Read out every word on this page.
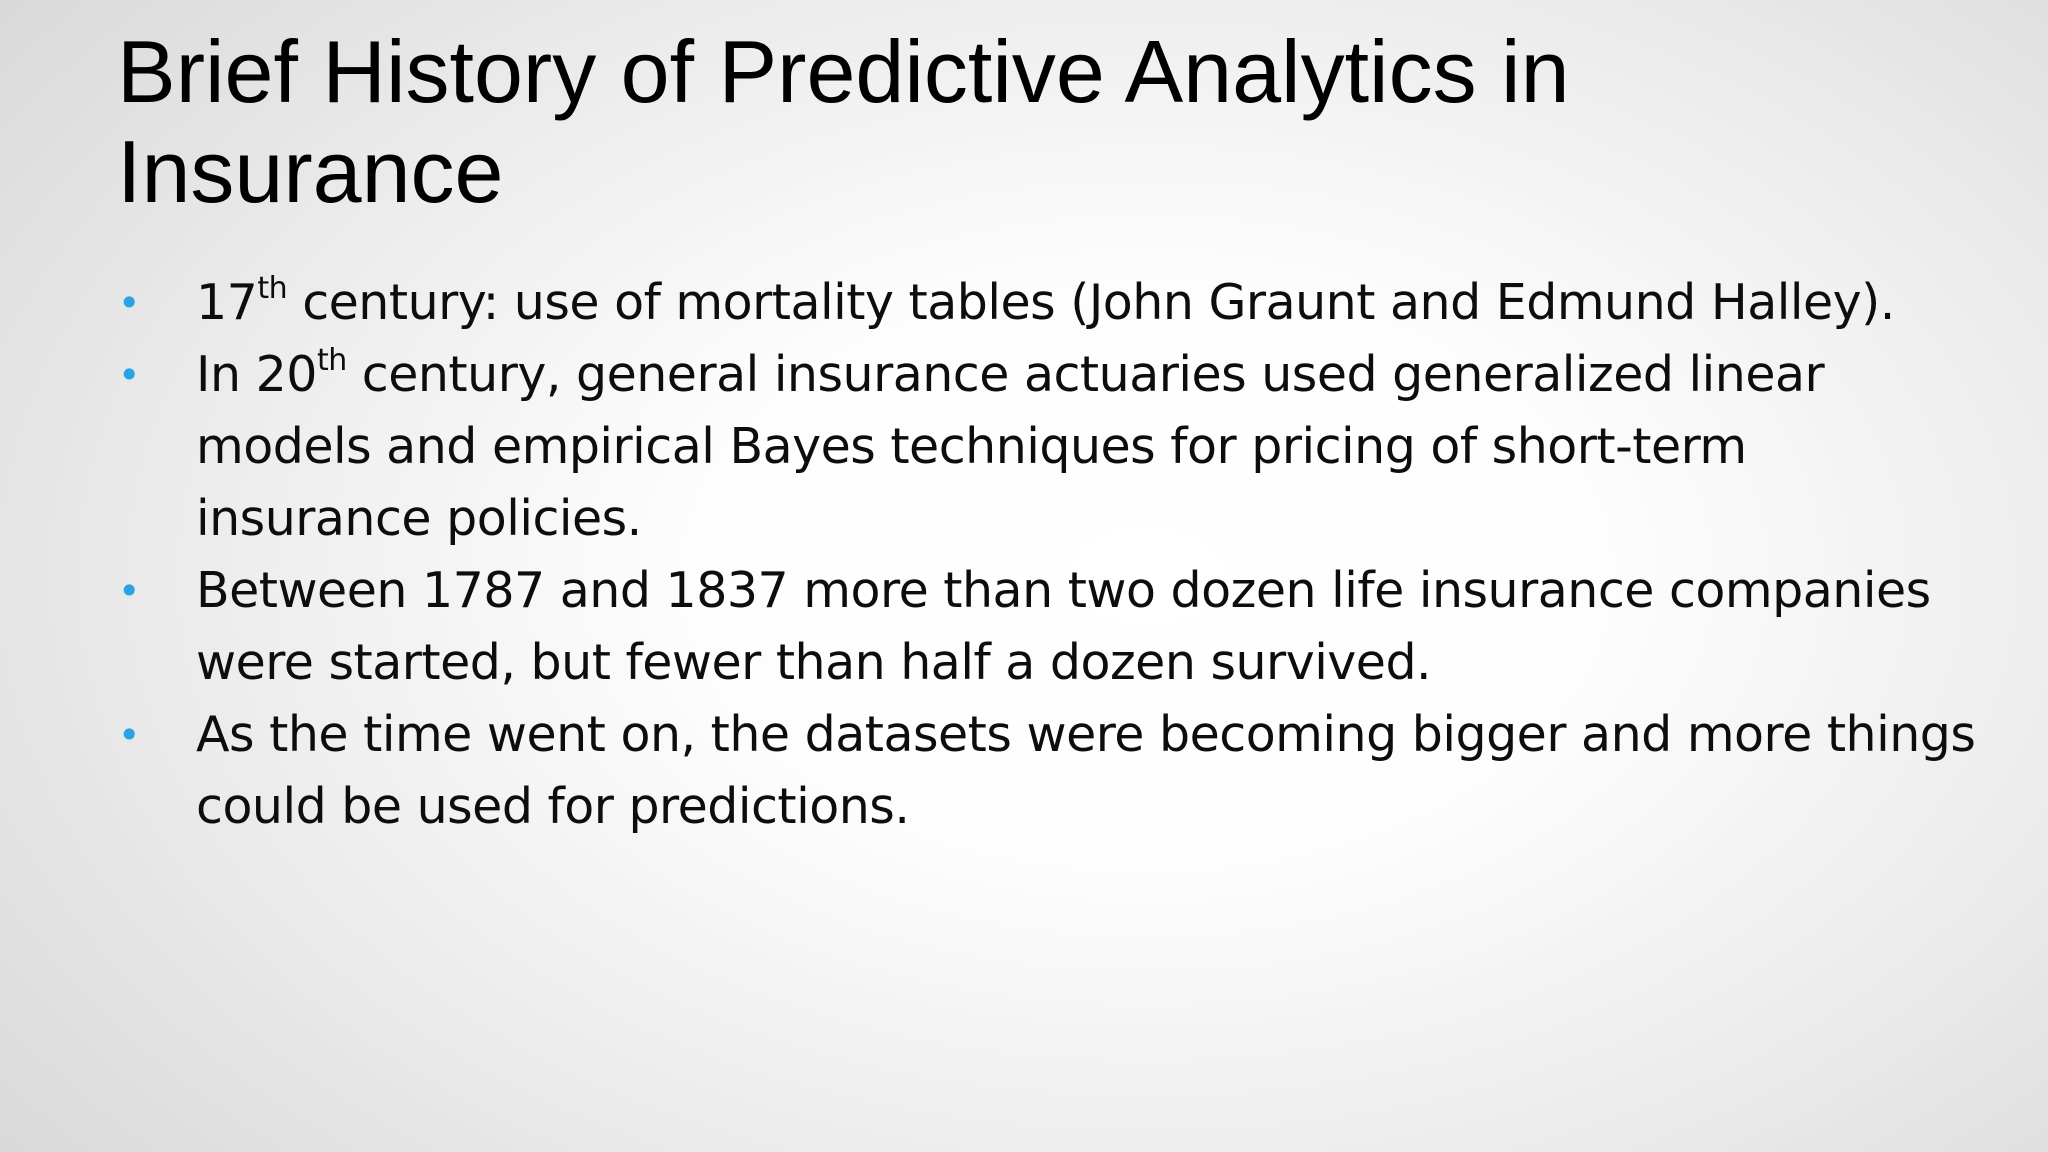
Brief History of Predictive Analytics in Insurance
• 17th century: use of mortality tables (John Graunt and Edmund Halley).
• In 20th century, general insurance actuaries used generalized linear models and empirical Bayes techniques for pricing of short-term insurance policies.
• Between 1787 and 1837 more than two dozen life insurance companies were started, but fewer than half a dozen survived.
• As the time went on, the datasets were becoming bigger and more things could be used for predictions.
